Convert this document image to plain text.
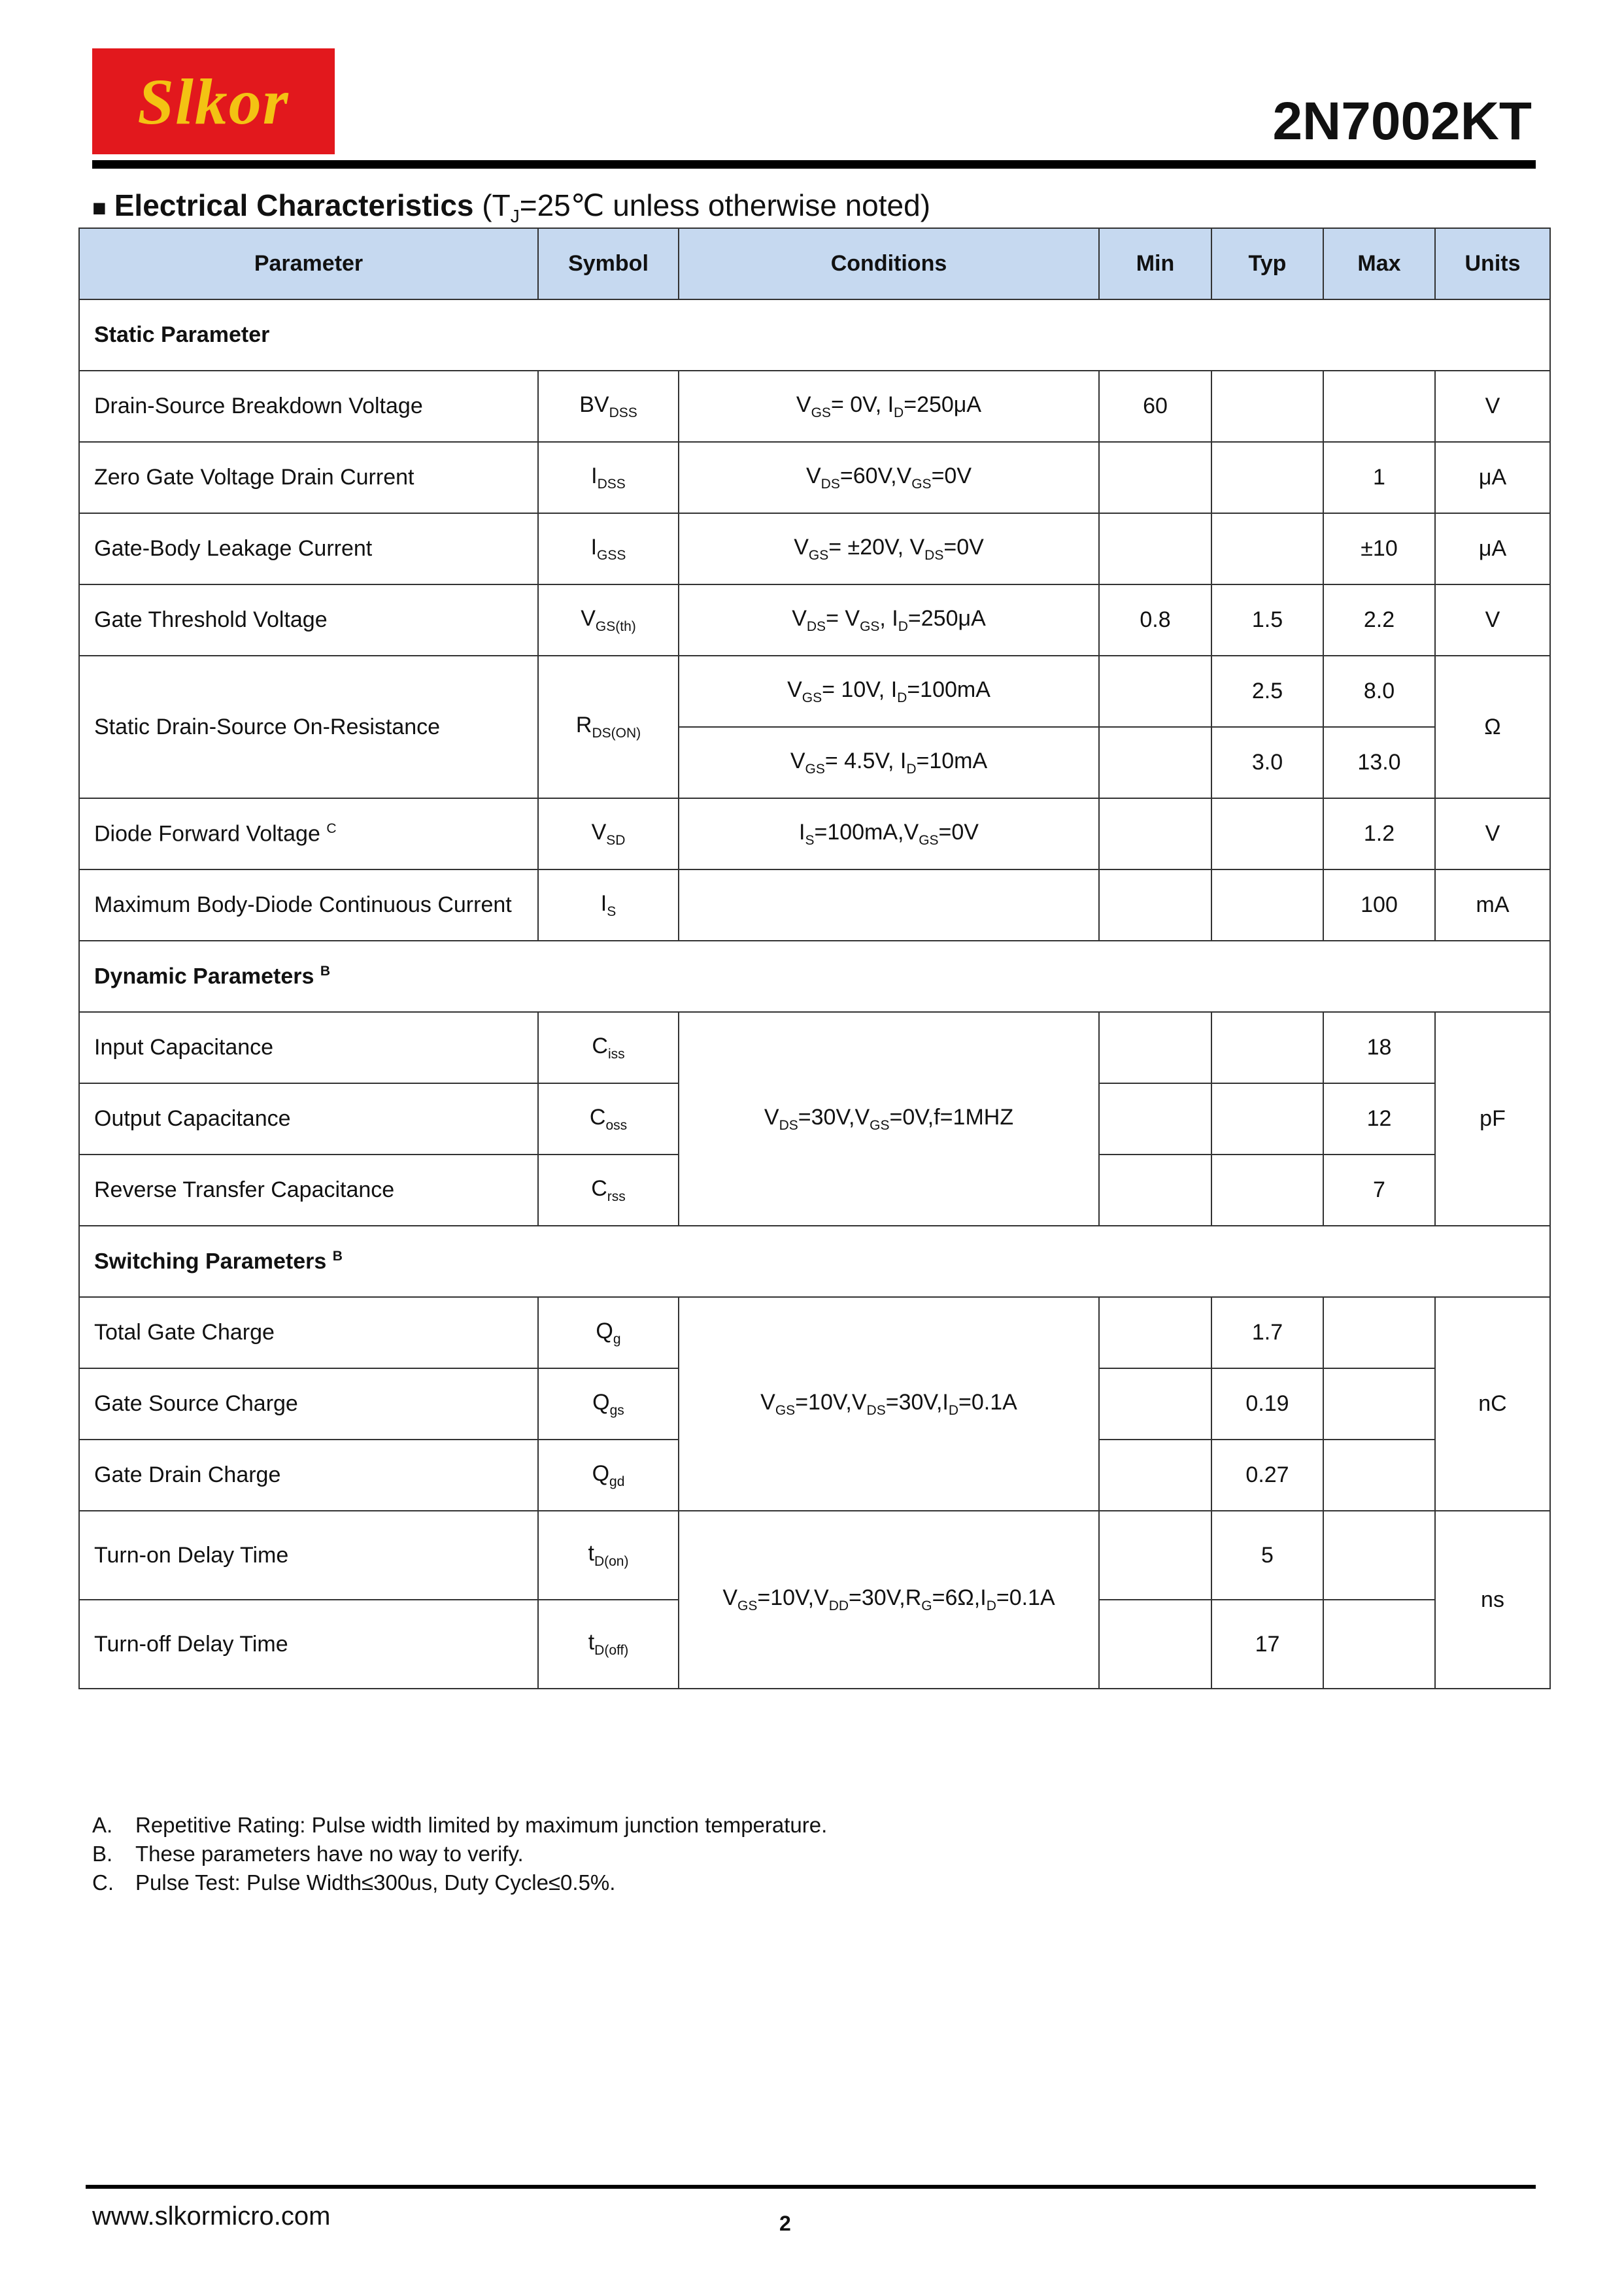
Slkor	2N7002KT
■ Electrical Characteristics ($T_J=25℃$ unless otherwise noted)
Parameter	Symbol	Conditions	Min	Typ	Max	Units
Static Parameter						
Drain-Source Breakdown Voltage	$BV_{DSS}$	$V_{GS}= 0V$, $I_D=250\mu A$	60			V
Zero Gate Voltage Drain Current	$I_{DSS}$	$V_{DS}=60V,V_{GS}=0V$			1	μA
Gate-Body Leakage Current	$I_{GSS}$	$V_{GS}= \pm 20V$, $V_{DS}=0V$			±10	μA
Gate Threshold Voltage	$V_{GS(th)}$	$V_{DS}= V_{GS}$, $I_D=250\mu A$	0.8	1.5	2.2	V
Static Drain-Source On-Resistance	$R_{DS(ON)}$	$V_{GS}= 10V$, $I_D=100mA$		2.5	8.0	Ω
		$V_{GS}= 4.5V$, $I_D=10mA$		3.0	13.0	
Diode Forward Voltage $^C$	$V_{SD}$	$I_S=100mA,V_{GS}=0V$			1.2	V
Maximum Body-Diode Continuous Current	$I_S$				100	mA
Dynamic Parameters $^B$
Input Capacitance	$C_{iss}$	$V_{DS}=30V,V_{GS}=0V,f=1MHZ$			18	pF
Output Capacitance	$C_{oss}$				12	
Reverse Transfer Capacitance	$C_{rss}$				7	
Switching Parameters $^B$
Total Gate Charge	$Q_g$	$V_{GS}=10V,V_{DS}=30V,I_D=0.1A$		1.7		nC
Gate Source Charge	$Q_{gs}$			0.19		
Gate Drain Charge	$Q_{gd}$			0.27		
Turn-on Delay Time	$t_{D(on)}$	$V_{GS}=10V,V_{DD}=30V,R_G=6\Omega,I_D=0.1A$		5		ns
Turn-off Delay Time	$t_{D(off)}$			17		
A.	Repetitive Rating: Pulse width limited by maximum junction temperature.
B.	These parameters have no way to verify.
C.	Pulse Test: Pulse Width≤300us, Duty Cycle≤0.5%.
www.slkormicro.com	2
